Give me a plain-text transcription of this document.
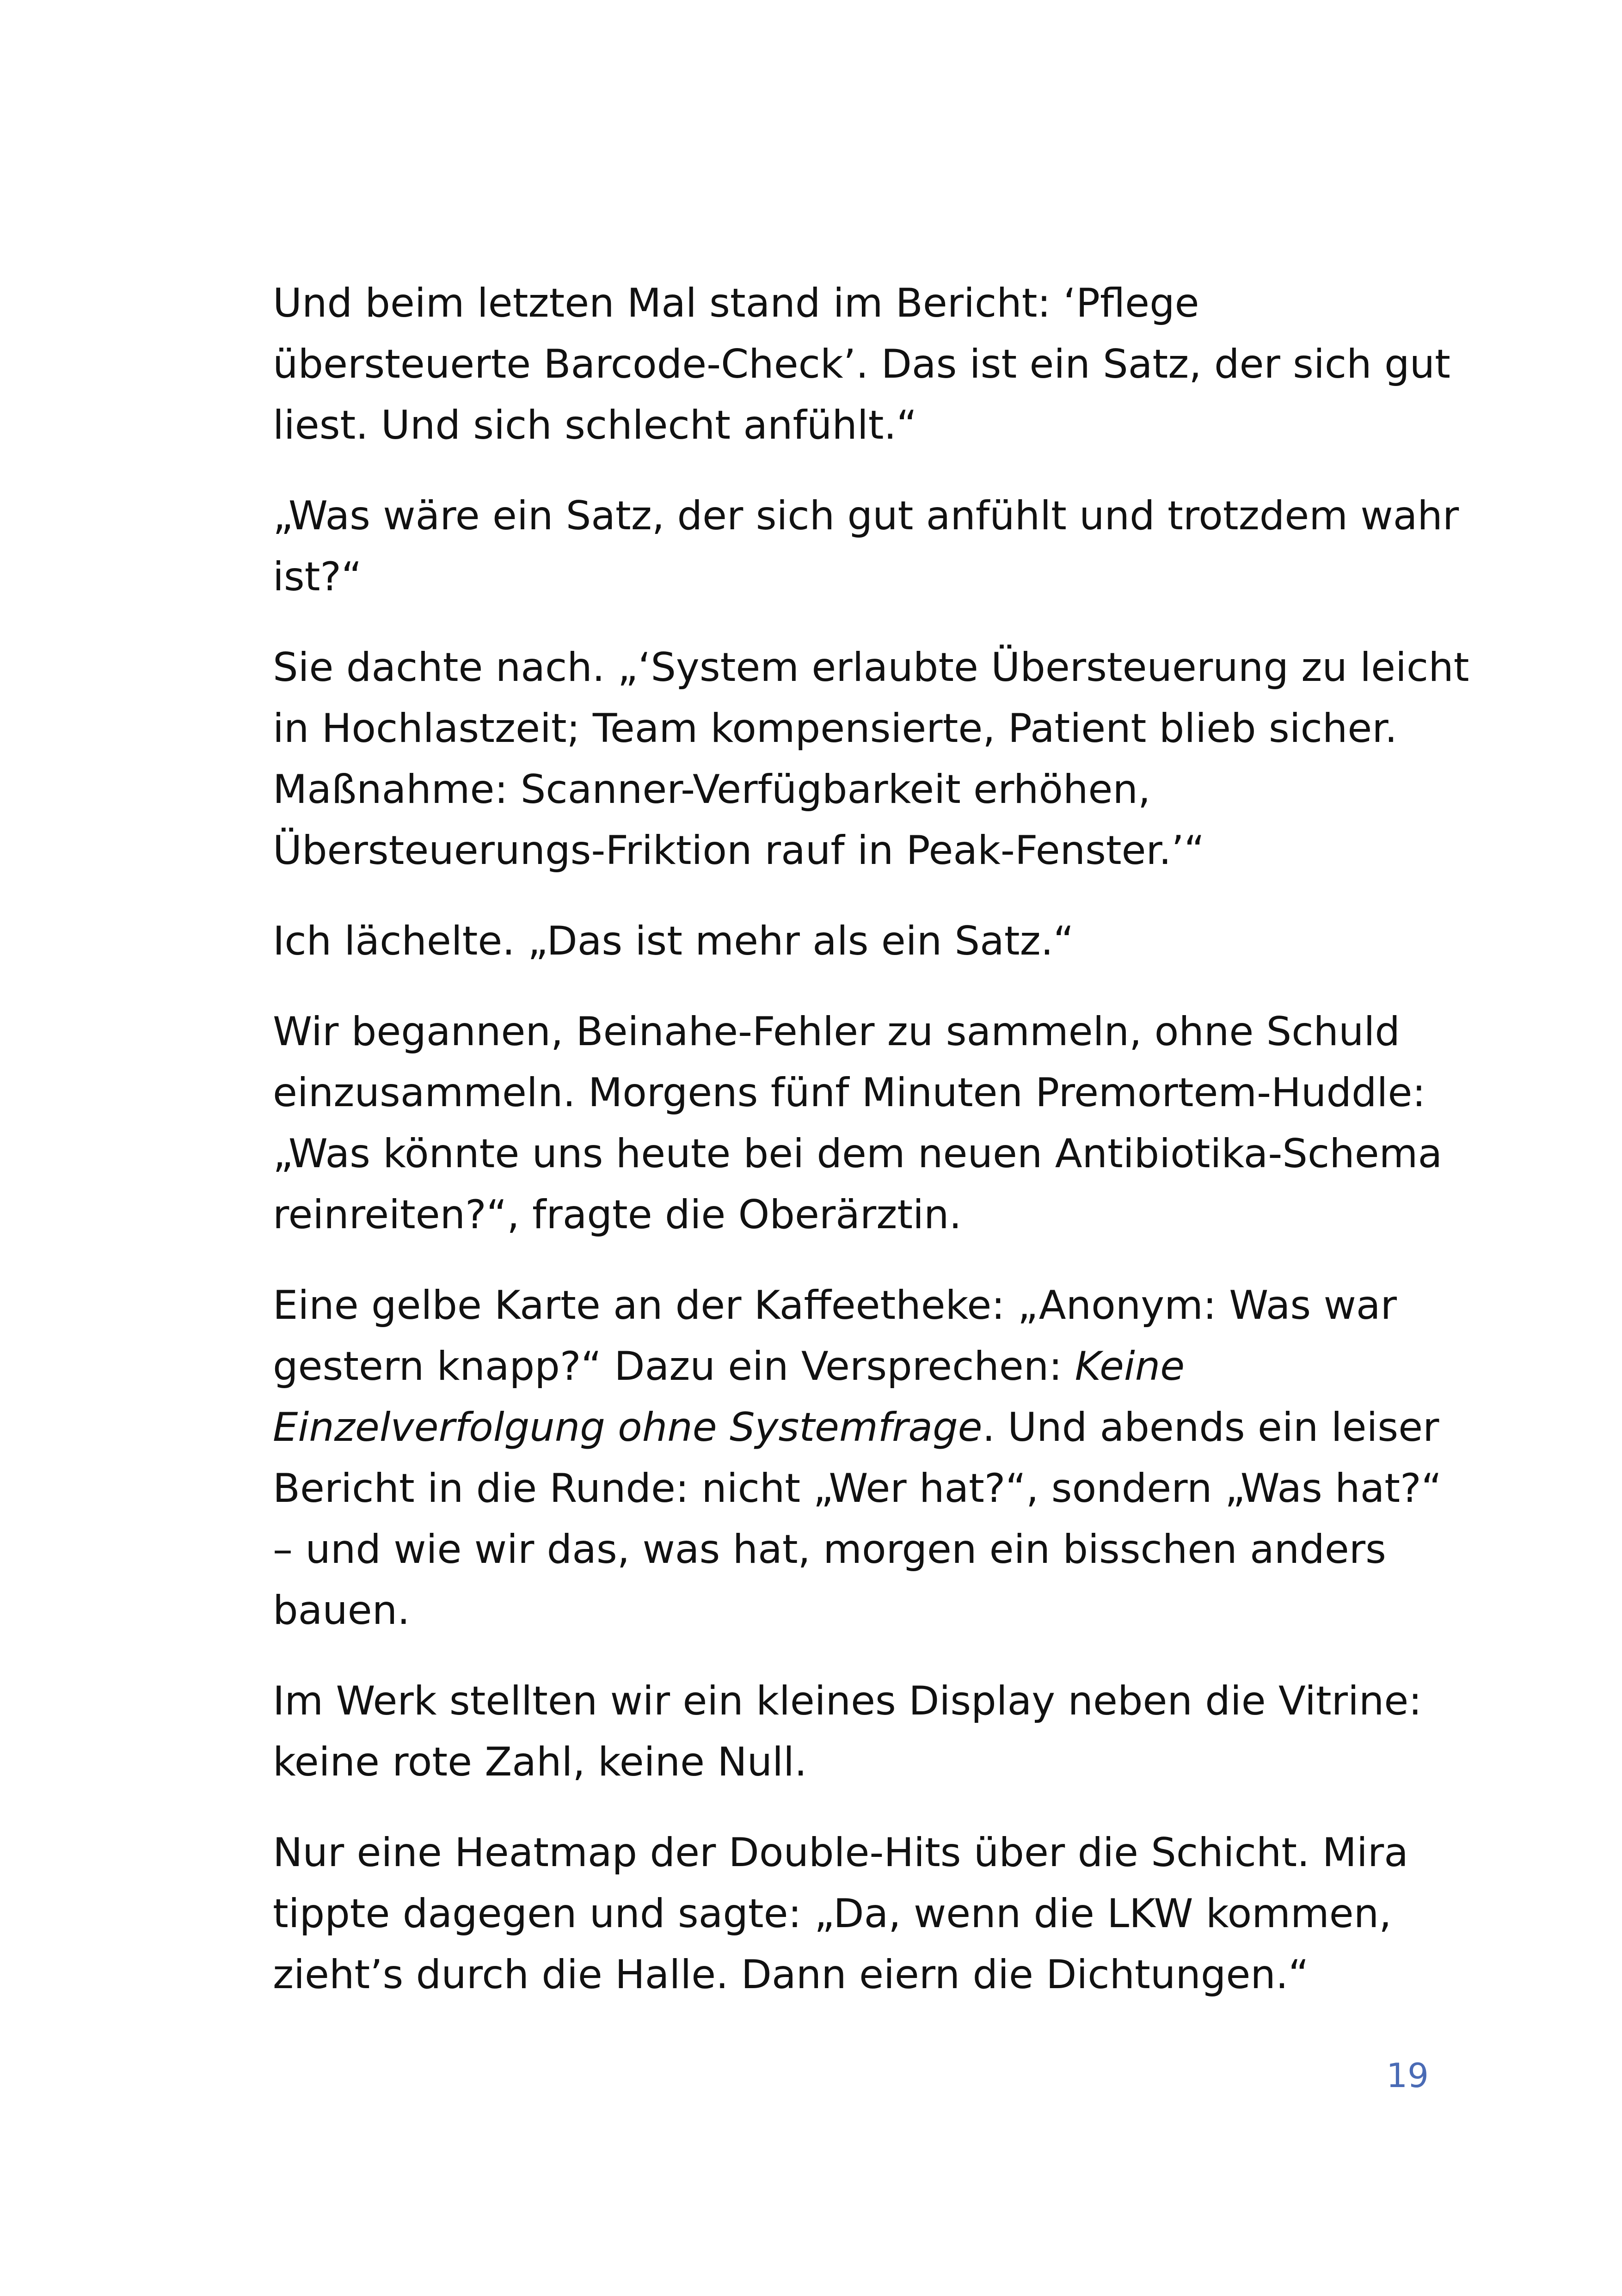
Und beim letzten Mal stand im Bericht: ‘Pflege
übersteuerte Barcode-Check’. Das ist ein Satz, der sich gut
liest. Und sich schlecht anfühlt.“

„Was wäre ein Satz, der sich gut anfühlt und trotzdem wahr
ist?“

Sie dachte nach. „‘System erlaubte Übersteuerung zu leicht
in Hochlastzeit; Team kompensierte, Patient blieb sicher.
Maßnahme: Scanner-Verfügbarkeit erhöhen,
Übersteuerungs-Friktion rauf in Peak-Fenster.’“

Ich lächelte. „Das ist mehr als ein Satz.“

Wir begannen, Beinahe-Fehler zu sammeln, ohne Schuld
einzusammeln. Morgens fünf Minuten Premortem-Huddle:
„Was könnte uns heute bei dem neuen Antibiotika-Schema
reinreiten?“, fragte die Oberärztin.

Eine gelbe Karte an der Kaffeetheke: „Anonym: Was war
gestern knapp?“ Dazu ein Versprechen: Keine
Einzelverfolgung ohne Systemfrage. Und abends ein leiser
Bericht in die Runde: nicht „Wer hat?“, sondern „Was hat?“
– und wie wir das, was hat, morgen ein bisschen anders
bauen.

Im Werk stellten wir ein kleines Display neben die Vitrine:
keine rote Zahl, keine Null.

Nur eine Heatmap der Double-Hits über die Schicht. Mira
tippte dagegen und sagte: „Da, wenn die LKW kommen,
zieht’s durch die Halle. Dann eiern die Dichtungen.“

19
